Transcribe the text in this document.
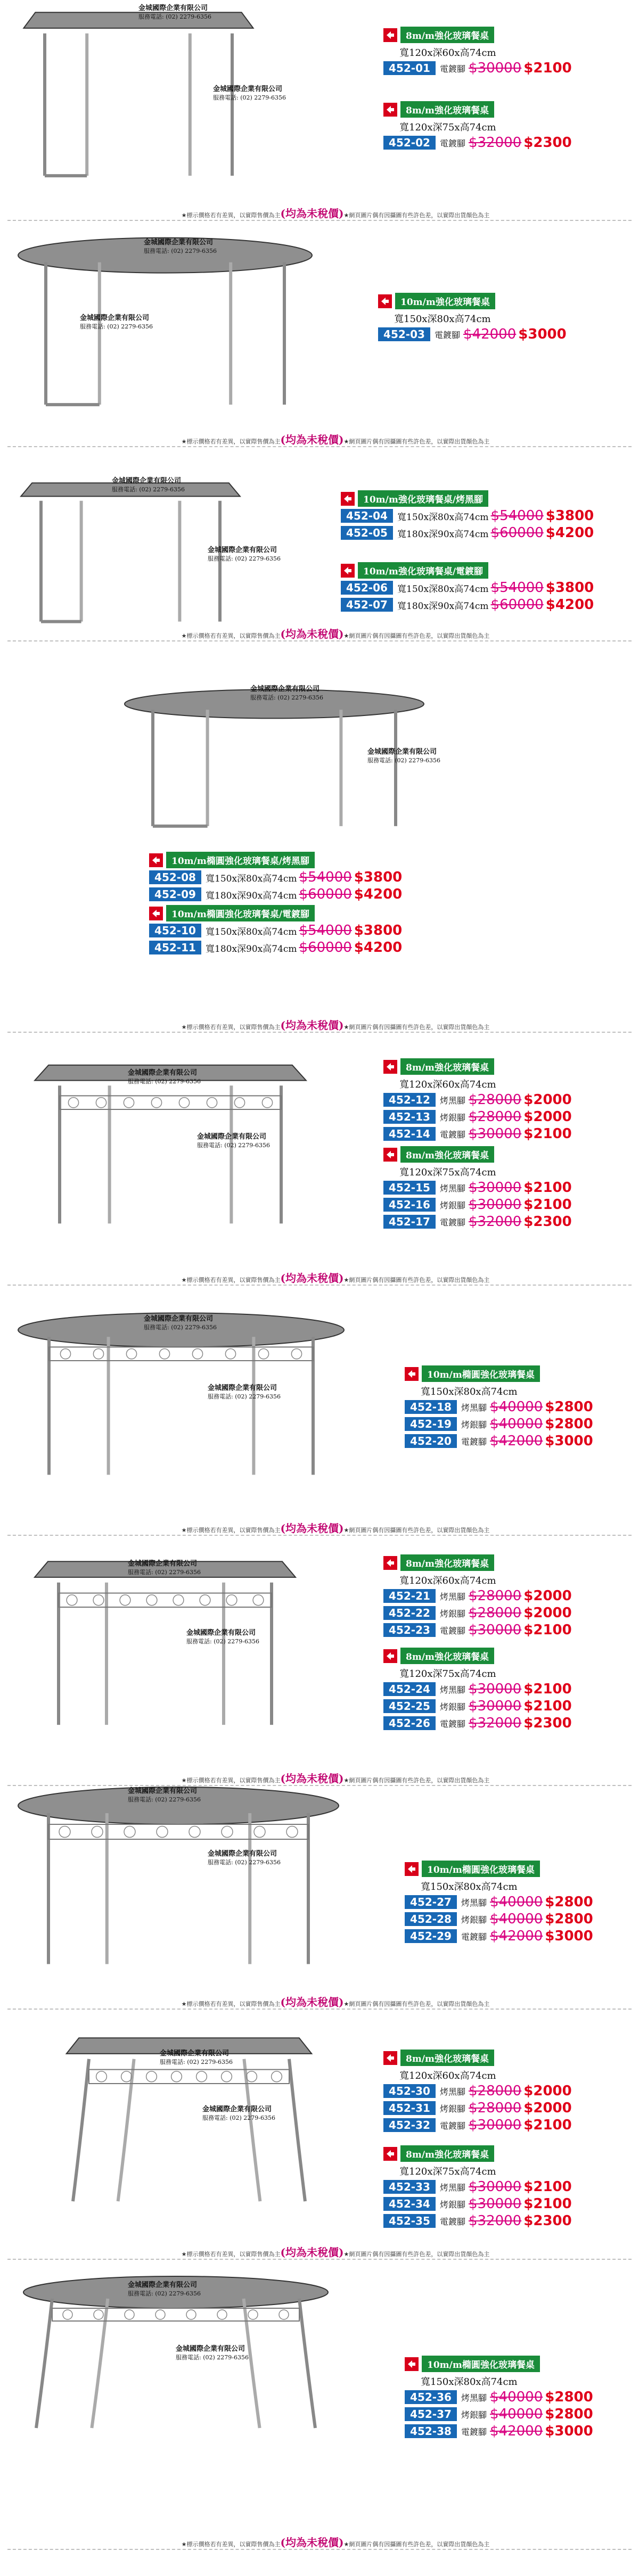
金城國際企業有限公司
服務電話: (02) 2279-6356
金城國際企業有限公司
服務電話: (02) 2279-6356
8m/m強化玻璃餐桌
寬120x深60x高74cm
452-01	電鍍腳 $30000 $2100
8m/m強化玻璃餐桌
寬120x深75x高74cm
452-02	電鍍腳 $32000 $2300
★標示價格若有差異，以實際售價為主(均為未稅價)★網頁圖片偶有因攝圖有些許色差，以實際出貨顏色為主
金城國際企業有限公司
服務電話: (02) 2279-6356
金城國際企業有限公司
服務電話: (02) 2279-6356
10m/m強化玻璃餐桌
寬150x深80x高74cm
452-03	電鍍腳 $42000 $3000
★標示價格若有差異，以實際售價為主(均為未稅價)★網頁圖片偶有因攝圖有些許色差，以實際出貨顏色為主
金城國際企業有限公司
服務電話: (02) 2279-6356
金城國際企業有限公司
服務電話: (02) 2279-6356
10m/m強化玻璃餐桌/烤黑腳
452-04	寬150x深80x高74cm $54000 $3800
452-05	寬180x深90x高74cm $60000 $4200
10m/m強化玻璃餐桌/電鍍腳
452-06	寬150x深80x高74cm $54000 $3800
452-07	寬180x深90x高74cm $60000 $4200
★標示價格若有差異，以實際售價為主(均為未稅價)★網頁圖片偶有因攝圖有些許色差，以實際出貨顏色為主
金城國際企業有限公司
服務電話: (02) 2279-6356
金城國際企業有限公司
服務電話: (02) 2279-6356
10m/m橢圓強化玻璃餐桌/烤黑腳
452-08	寬150x深80x高74cm $54000 $3800
452-09	寬180x深90x高74cm $60000 $4200
10m/m橢圓強化玻璃餐桌/電鍍腳
452-10	寬150x深80x高74cm $54000 $3800
452-11	寬180x深90x高74cm $60000 $4200
★標示價格若有差異，以實際售價為主(均為未稅價)★網頁圖片偶有因攝圖有些許色差，以實際出貨顏色為主
金城國際企業有限公司
服務電話: (02) 2279-6356
金城國際企業有限公司
服務電話: (02) 2279-6356
8m/m強化玻璃餐桌
寬120x深60x高74cm
452-12	烤黑腳 $28000 $2000
452-13	烤銀腳 $28000 $2000
452-14	電鍍腳 $30000 $2100
8m/m強化玻璃餐桌
寬120x深75x高74cm
452-15	烤黑腳 $30000 $2100
452-16	烤銀腳 $30000 $2100
452-17	電鍍腳 $32000 $2300
★標示價格若有差異，以實際售價為主(均為未稅價)★網頁圖片偶有因攝圖有些許色差，以實際出貨顏色為主
金城國際企業有限公司
服務電話: (02) 2279-6356
金城國際企業有限公司
服務電話: (02) 2279-6356
10m/m橢圓強化玻璃餐桌
寬150x深80x高74cm
452-18	烤黑腳 $40000 $2800
452-19	烤銀腳 $40000 $2800
452-20	電鍍腳 $42000 $3000
★標示價格若有差異，以實際售價為主(均為未稅價)★網頁圖片偶有因攝圖有些許色差，以實際出貨顏色為主
金城國際企業有限公司
服務電話: (02) 2279-6356
金城國際企業有限公司
服務電話: (02) 2279-6356
8m/m強化玻璃餐桌
寬120x深60x高74cm
452-21	烤黑腳 $28000 $2000
452-22	烤銀腳 $28000 $2000
452-23	電鍍腳 $30000 $2100
8m/m強化玻璃餐桌
寬120x深75x高74cm
452-24	烤黑腳 $30000 $2100
452-25	烤銀腳 $30000 $2100
452-26	電鍍腳 $32000 $2300
★標示價格若有差異，以實際售價為主(均為未稅價)★網頁圖片偶有因攝圖有些許色差，以實際出貨顏色為主
金城國際企業有限公司
服務電話: (02) 2279-6356
金城國際企業有限公司
服務電話: (02) 2279-6356
10m/m橢圓強化玻璃餐桌
寬150x深80x高74cm
452-27	烤黑腳 $40000 $2800
452-28	烤銀腳 $40000 $2800
452-29	電鍍腳 $42000 $3000
★標示價格若有差異，以實際售價為主(均為未稅價)★網頁圖片偶有因攝圖有些許色差，以實際出貨顏色為主
金城國際企業有限公司
服務電話: (02) 2279-6356
金城國際企業有限公司
服務電話: (02) 2279-6356
8m/m強化玻璃餐桌
寬120x深60x高74cm
452-30	烤黑腳 $28000 $2000
452-31	烤銀腳 $28000 $2000
452-32	電鍍腳 $30000 $2100
8m/m強化玻璃餐桌
寬120x深75x高74cm
452-33	烤黑腳 $30000 $2100
452-34	烤銀腳 $30000 $2100
452-35	電鍍腳 $32000 $2300
★標示價格若有差異，以實際售價為主(均為未稅價)★網頁圖片偶有因攝圖有些許色差，以實際出貨顏色為主
金城國際企業有限公司
服務電話: (02) 2279-6356
金城國際企業有限公司
服務電話: (02) 2279-6356
10m/m橢圓強化玻璃餐桌
寬150x深80x高74cm
452-36	烤黑腳 $40000 $2800
452-37	烤銀腳 $40000 $2800
452-38	電鍍腳 $42000 $3000
★標示價格若有差異，以實際售價為主(均為未稅價)★網頁圖片偶有因攝圖有些許色差，以實際出貨顏色為主
